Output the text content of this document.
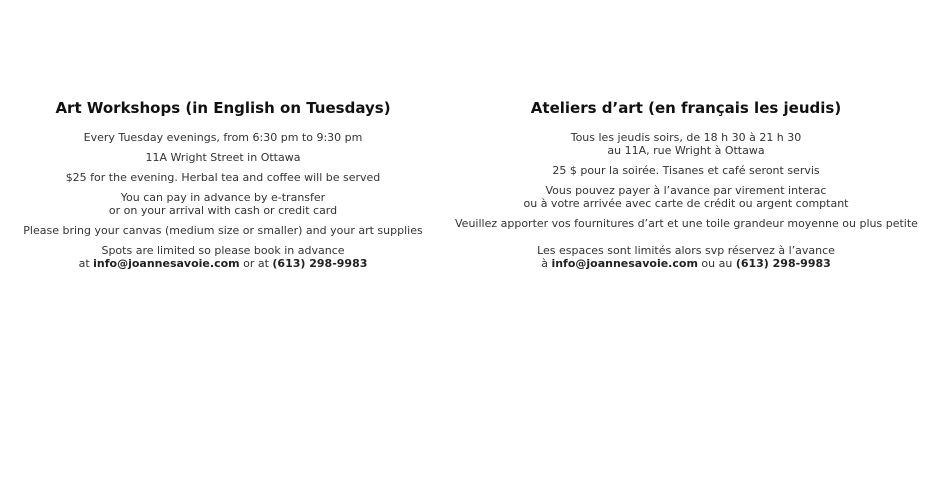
Art Workshops (in English on Tuesdays)
Every Tuesday evenings, from 6:30 pm to 9:30 pm
11A Wright Street in Ottawa
$25 for the evening. Herbal tea and coffee will be served
You can pay in advance by e-transfer
or on your arrival with cash or credit card
Please bring your canvas (medium size or smaller) and your art supplies
Spots are limited so please book in advance
at info@joannesavoie.com or at (613) 298-9983
Ateliers d’art (en français les jeudis)
Tous les jeudis soirs, de 18 h 30 à 21 h 30
au 11A, rue Wright à Ottawa
25 $ pour la soirée. Tisanes et café seront servis
Vous pouvez payer à l’avance par virement interac
ou à votre arrivée avec carte de crédit ou argent comptant
Veuillez apporter vos fournitures d’art et une toile grandeur moyenne ou plus petite
Les espaces sont limités alors svp réservez à l’avance
à info@joannesavoie.com ou au (613) 298-9983
